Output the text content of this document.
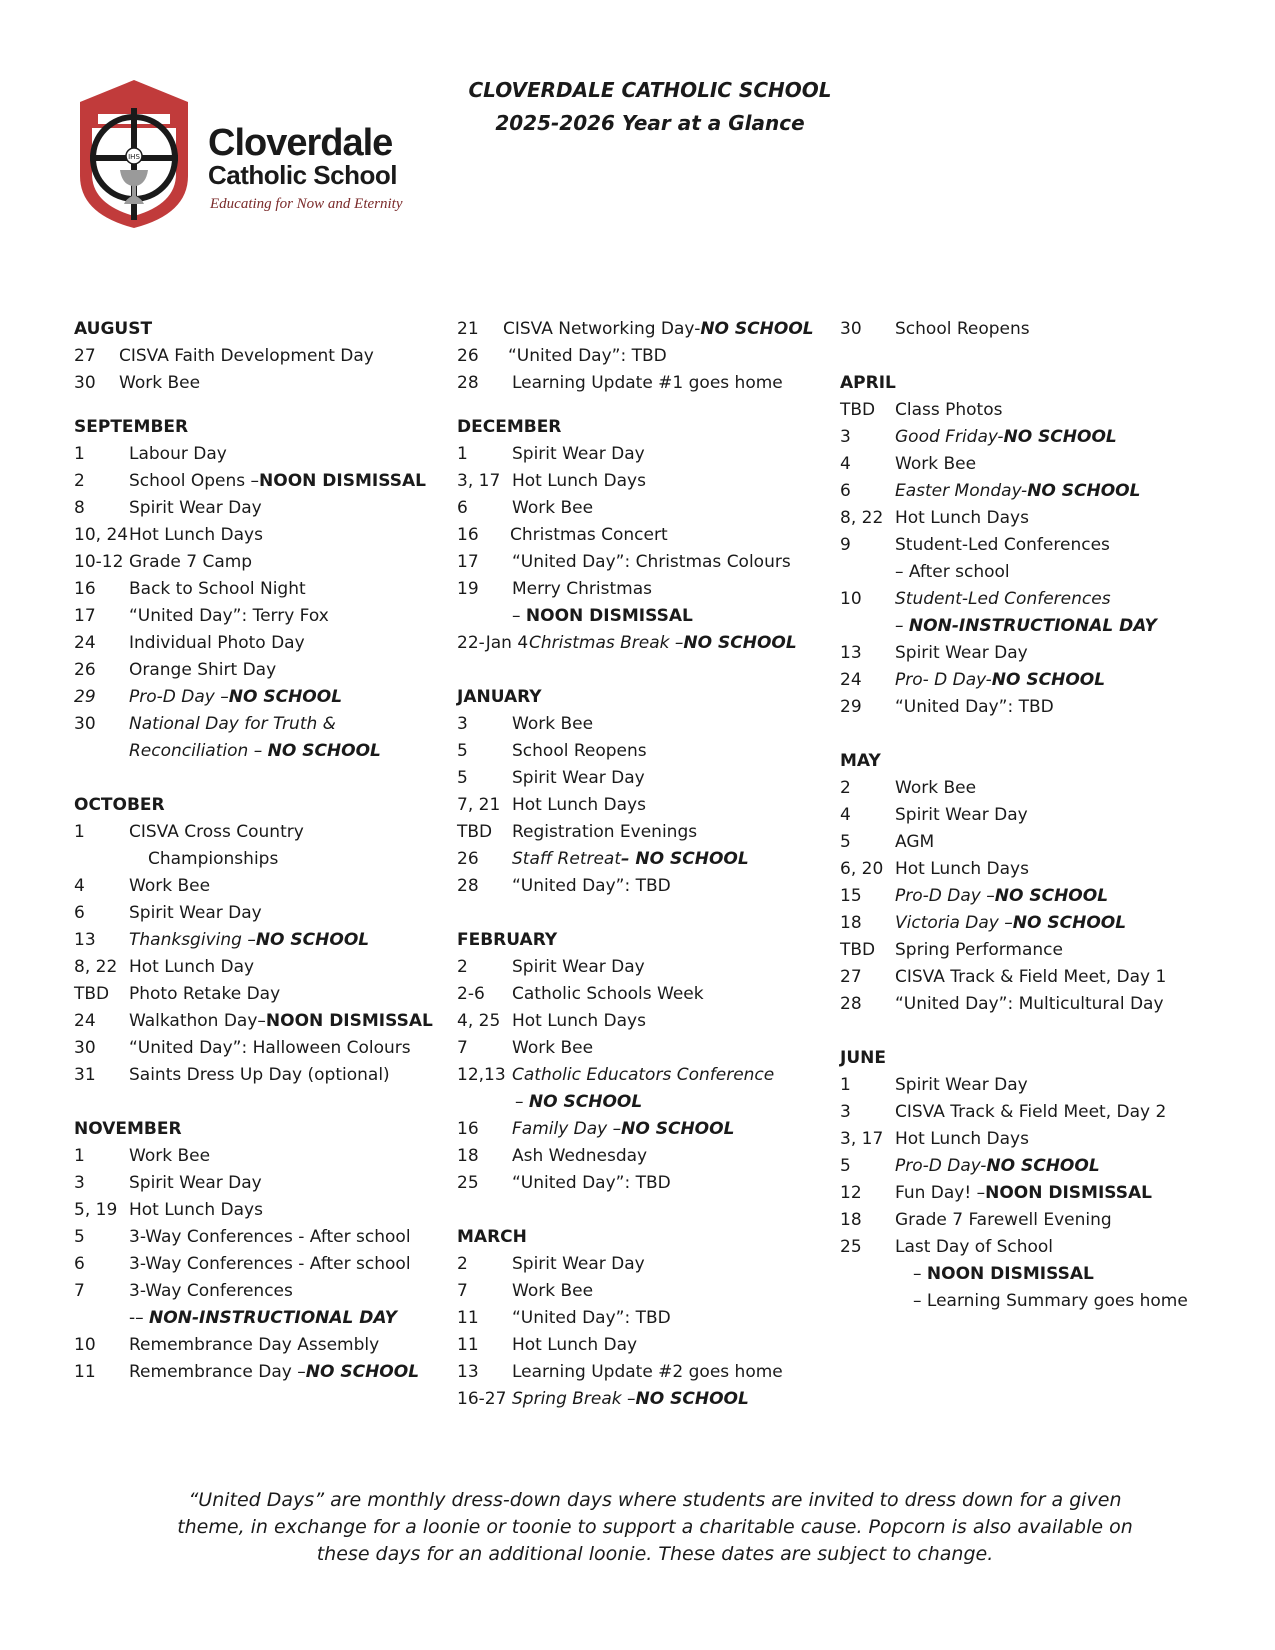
IHS Cloverdale
Catholic School
Educating for Now and Eternity
CLOVERDALE CATHOLIC SCHOOL
2025-2026 Year at a Glance
AUGUST
27	CISVA Faith Development Day
30	Work Bee
SEPTEMBER
1	Labour Day
2	School Opens – NOON DISMISSAL
8	Spirit Wear Day
10, 24 Hot Lunch Days
10-12 Grade 7 Camp
16	Back to School Night
17	“United Day”: Terry Fox
24	Individual Photo Day
26	Orange Shirt Day
29	Pro-D Day – NO SCHOOL
30	National Day for Truth &
Reconciliation – NO SCHOOL
OCTOBER
1	CISVA Cross Country
Championships
4	Work Bee
6	Spirit Wear Day
13	Thanksgiving – NO SCHOOL
8, 22 Hot Lunch Day
TBD	Photo Retake Day
24	Walkathon Day– NOON DISMISSAL
30	“United Day”: Halloween Colours
31	Saints Dress Up Day (optional)
NOVEMBER
1	Work Bee
3	Spirit Wear Day
5, 19 Hot Lunch Days
5	3-Way Conferences - After school
6	3-Way Conferences - After school
7	3-Way Conferences
-– NON-INSTRUCTIONAL DAY
10	Remembrance Day Assembly
11	Remembrance Day – NO SCHOOL
21	CISVA Networking Day- NO SCHOOL
26	“United Day”: TBD
28	Learning Update #1 goes home
DECEMBER
1	Spirit Wear Day
3, 17 Hot Lunch Days
6	Work Bee
16	Christmas Concert
17	“United Day”: Christmas Colours
19	Merry Christmas
– NOON DISMISSAL
22-Jan 4 Christmas Break – NO SCHOOL
JANUARY
3	Work Bee
5	School Reopens
5	Spirit Wear Day
7, 21 Hot Lunch Days
TBD	Registration Evenings
26	Staff Retreat – NO SCHOOL
28	“United Day”: TBD
FEBRUARY
2	Spirit Wear Day
2-6	Catholic Schools Week
4, 25 Hot Lunch Days
7	Work Bee
12,13 Catholic Educators Conference
– NO SCHOOL
16	Family Day – NO SCHOOL
18	Ash Wednesday
25	“United Day”: TBD
MARCH
2	Spirit Wear Day
7	Work Bee
11	“United Day”: TBD
11	Hot Lunch Day
13	Learning Update #2 goes home
16-27 Spring Break – NO SCHOOL
30	School Reopens
APRIL
TBD	Class Photos
3	Good Friday- NO SCHOOL
4	Work Bee
6	Easter Monday- NO SCHOOL
8, 22 Hot Lunch Days
9	Student-Led Conferences
– After school
10	Student-Led Conferences
– NON-INSTRUCTIONAL DAY
13	Spirit Wear Day
24	Pro- D Day- NO SCHOOL
29	“United Day”: TBD
MAY
2	Work Bee
4	Spirit Wear Day
5	AGM
6, 20 Hot Lunch Days
15	Pro-D Day – NO SCHOOL
18	Victoria Day – NO SCHOOL
TBD	Spring Performance
27	CISVA Track & Field Meet, Day 1
28	“United Day”: Multicultural Day
JUNE
1	Spirit Wear Day
3	CISVA Track & Field Meet, Day 2
3, 17 Hot Lunch Days
5	Pro-D Day- NO SCHOOL
12	Fun Day! – NOON DISMISSAL
18	Grade 7 Farewell Evening
25	Last Day of School
– NOON DISMISSAL
– Learning Summary goes home
“United Days” are monthly dress-down days where students are invited to dress down for a given theme, in exchange for a loonie or toonie to support a charitable cause. Popcorn is also available on these days for an additional loonie. These dates are subject to change.
